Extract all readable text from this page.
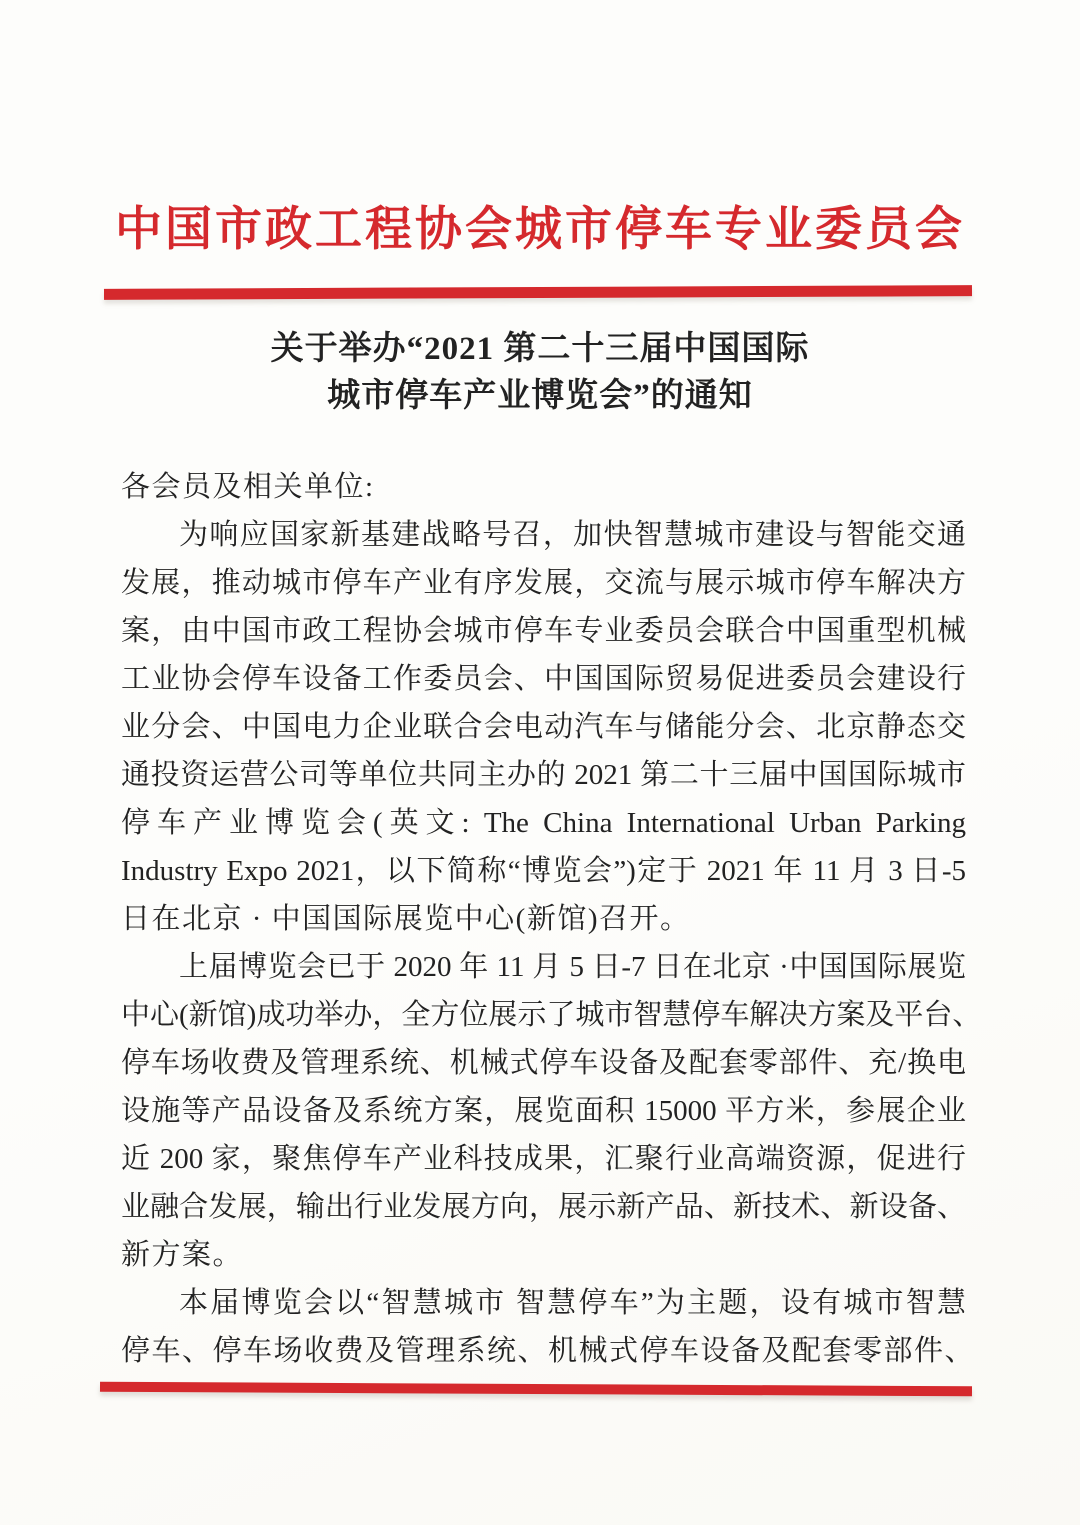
中国市政工程协会城市停车专业委员会
关于举办“2021 第二十三届中国国际
城市停车产业博览会”的通知
各会员及相关单位:
为响应国家新基建战略号召，加快智慧城市建设与智能交通
发展，推动城市停车产业有序发展，交流与展示城市停车解决方
案，由中国市政工程协会城市停车专业委员会联合中国重型机械
工业协会停车设备工作委员会、中国国际贸易促进委员会建设行
业分会、中国电力企业联合会电动汽车与储能分会、北京静态交
通投资运营公司等单位共同主办的 2021 第二十三届中国国际城市
停车产业博览会(英文: The China International Urban Parking
Industry Expo 2021，以下简称“博览会”)定于 2021 年 11 月 3 日-5
日在北京 · 中国国际展览中心(新馆)召开。
上届博览会已于 2020 年 11 月 5 日-7 日在北京 ·中国国际展览
中心(新馆)成功举办，全方位展示了城市智慧停车解决方案及平台、
停车场收费及管理系统、机械式停车设备及配套零部件、充/换电
设施等产品设备及系统方案，展览面积 15000 平方米，参展企业
近 200 家，聚焦停车产业科技成果，汇聚行业高端资源，促进行
业融合发展，输出行业发展方向，展示新产品、新技术、新设备、
新方案。
本届博览会以“智慧城市 智慧停车”为主题，设有城市智慧
停车、停车场收费及管理系统、机械式停车设备及配套零部件、
